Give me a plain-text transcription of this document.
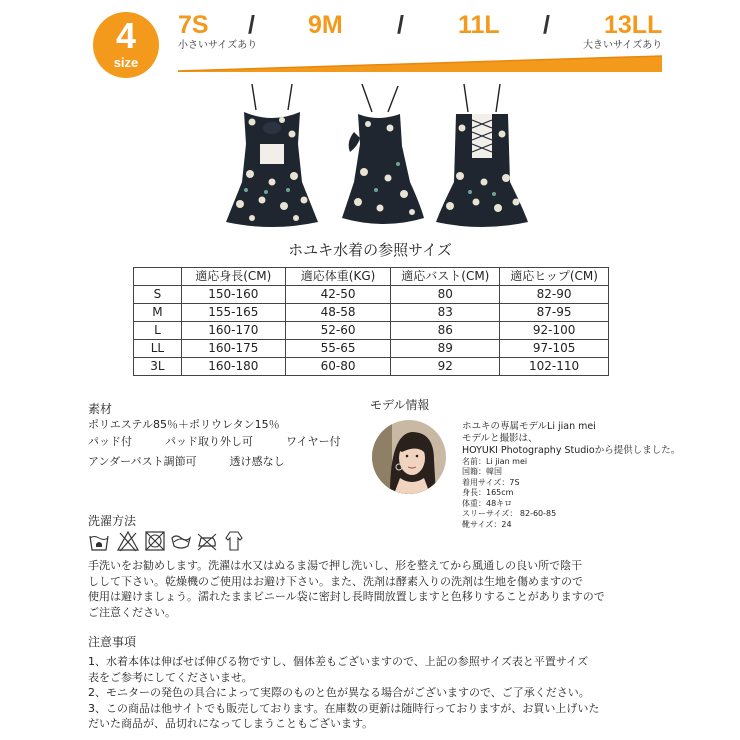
4
size
7S / 9M / 11L / 13LL
小さいサイズあり	大きいサイズあり
ホユキ水着の参照サイズ
	適応身長(CM)	適応体重(KG)	適応バスト(CM)	適応ヒップ(CM)
S	150-160	42-50	80	82-90
M	155-165	48-58	83	87-95
L	160-170	52-60	86	92-100
LL	160-175	55-65	89	97-105
3L	160-180	60-80	92	102-110
素材
ポリエステル85％＋ポリウレタン15％
パッド付	パッド取り外し可	ワイヤー付
アンダーバスト調節可	透け感なし
モデル情報
ホユキの専属モデルLi jian mei
モデルと撮影は、
HOYUKI Photography Studioから提供しました。
名前：Li jian mei
国籍：韓国
着用サイズ：7S
身長：165cm
体重：48キロ
スリーサイズ： 82-60-85
靴サイズ：24
洗濯方法
手洗いをお勧めします。洗濯は水又はぬるま湯で押し洗いし、形を整えてから風通しの良い所で陰干
しして下さい。乾燥機のご使用はお避け下さい。また、洗剤は酵素入りの洗剤は生地を傷めますので
使用は避けましょう。濡れたままビニール袋に密封し長時間放置しますと色移りすることがありますので
ご注意ください。
注意事項
1、水着本体は伸ばせば伸びる物ですし、個体差もございますので、上記の参照サイズ表と平置サイズ
表をご参考にしてくださいませ。
2、モニターの発色の具合によって実際のものと色が異なる場合がございますので、ご了承ください。
3、この商品は他サイトでも販売しております。在庫数の更新は随時行っておりますが、お買い上げいた
だいた商品が、品切れになってしまうこともございます。
